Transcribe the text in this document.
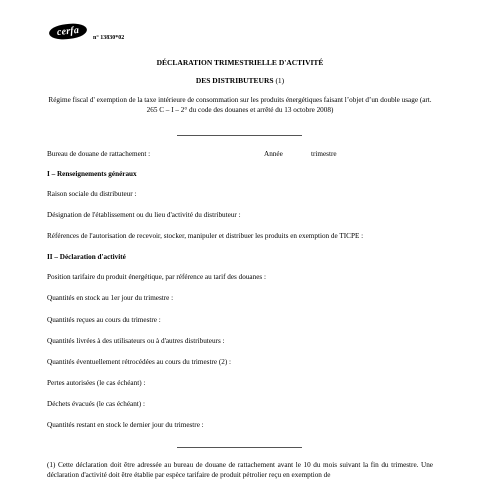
cerfa
n° 13830*02
DÉCLARATION TRIMESTRIELLE D'ACTIVITÉ
DES DISTRIBUTEURS (1)
Régime fiscal d' exemption de la taxe intérieure de consommation sur les produits énergétiques faisant l’objet d’un double usage (art. 265 C – I – 2° du code des douanes et arrêté du 13 octobre 2008)
Bureau de douane de rattachement :	Année	trimestre
I – Renseignements généraux
Raison sociale du distributeur :
Désignation de l'établissement ou du lieu d'activité du distributeur :
Références de l'autorisation de recevoir, stocker, manipuler et distribuer les produits en exemption de TICPE :
II – Déclaration d'activité
Position tarifaire du produit énergétique, par référence au tarif des douanes :
Quantités en stock au 1er jour du trimestre :
Quantités reçues au cours du trimestre :
Quantités livrées à des utilisateurs ou à d'autres distributeurs :
Quantités éventuellement rétrocédées au cours du trimestre (2) :
Pertes autorisées (le cas échéant) :
Déchets évacués (le cas échéant) :
Quantités restant en stock le dernier jour du trimestre :
(1) Cette déclaration doit être adressée au bureau de douane de rattachement avant le 10 du mois suivant la fin du trimestre. Une déclaration d'activité doit être établie par espèce tarifaire de produit pétrolier reçu en exemption de
